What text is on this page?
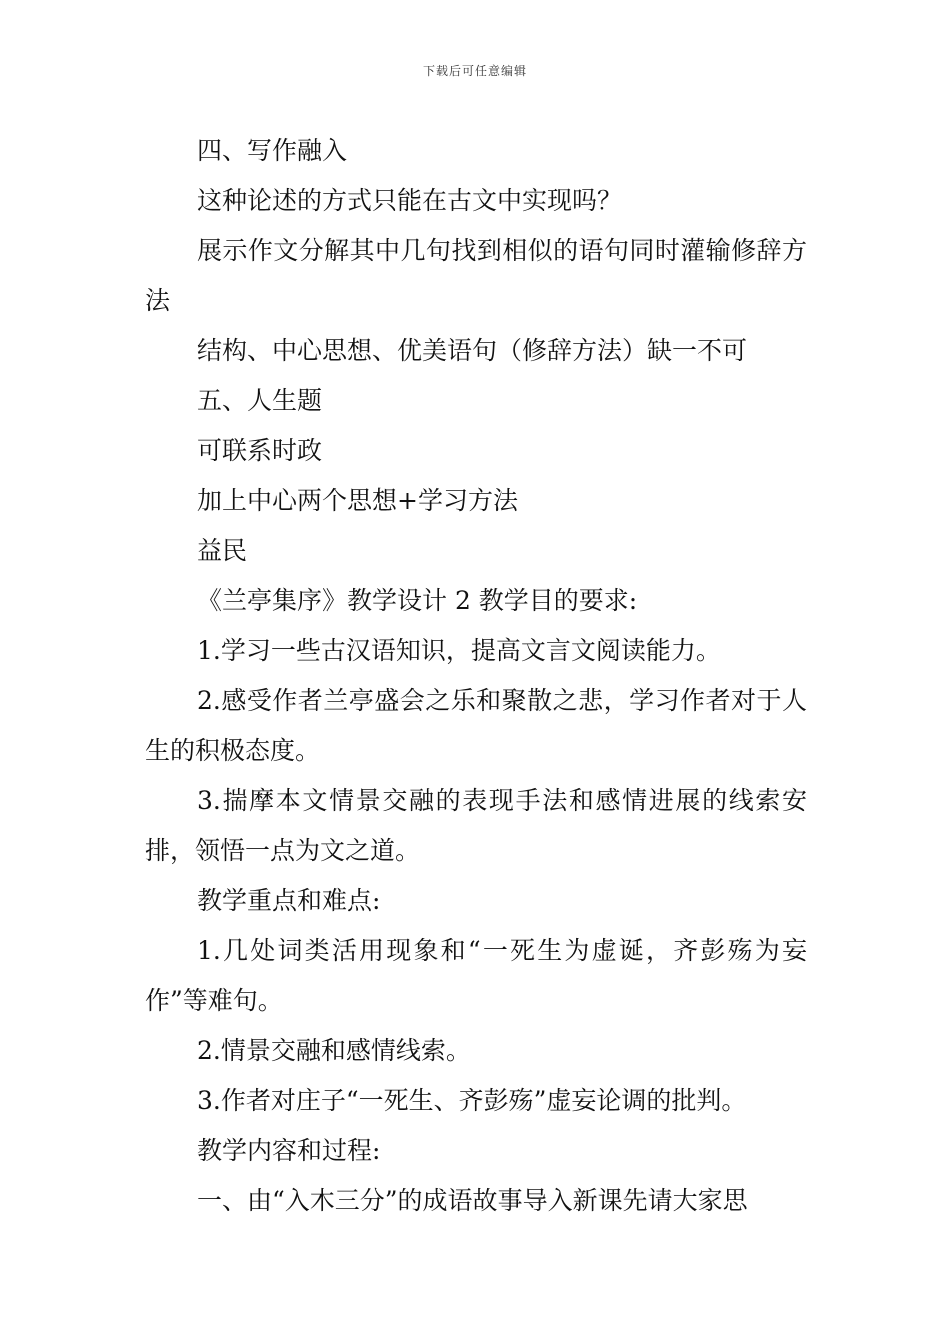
下载后可任意编辑

四、写作融入

这种论述的方式只能在古文中实现吗？

展示作文分解其中几句找到相似的语句同时灌输修辞方法

结构、中心思想、优美语句（修辞方法）缺一不可

五、人生题

可联系时政

加上中心两个思想+学习方法

益民

《兰亭集序》教学设计 2 教学目的要求:

1.学习一些古汉语知识，提高文言文阅读能力。

2.感受作者兰亭盛会之乐和聚散之悲，学习作者对于人生的积极态度。

3.揣摩本文情景交融的表现手法和感情进展的线索安排，领悟一点为文之道。

教学重点和难点:

1.几处词类活用现象和“一死生为虚诞，齐彭殇为妄作”等难句。

2.情景交融和感情线索。

3.作者对庄子“一死生、齐彭殇”虚妄论调的批判。

教学内容和过程:

一、由“入木三分”的成语故事导入新课先请大家思
